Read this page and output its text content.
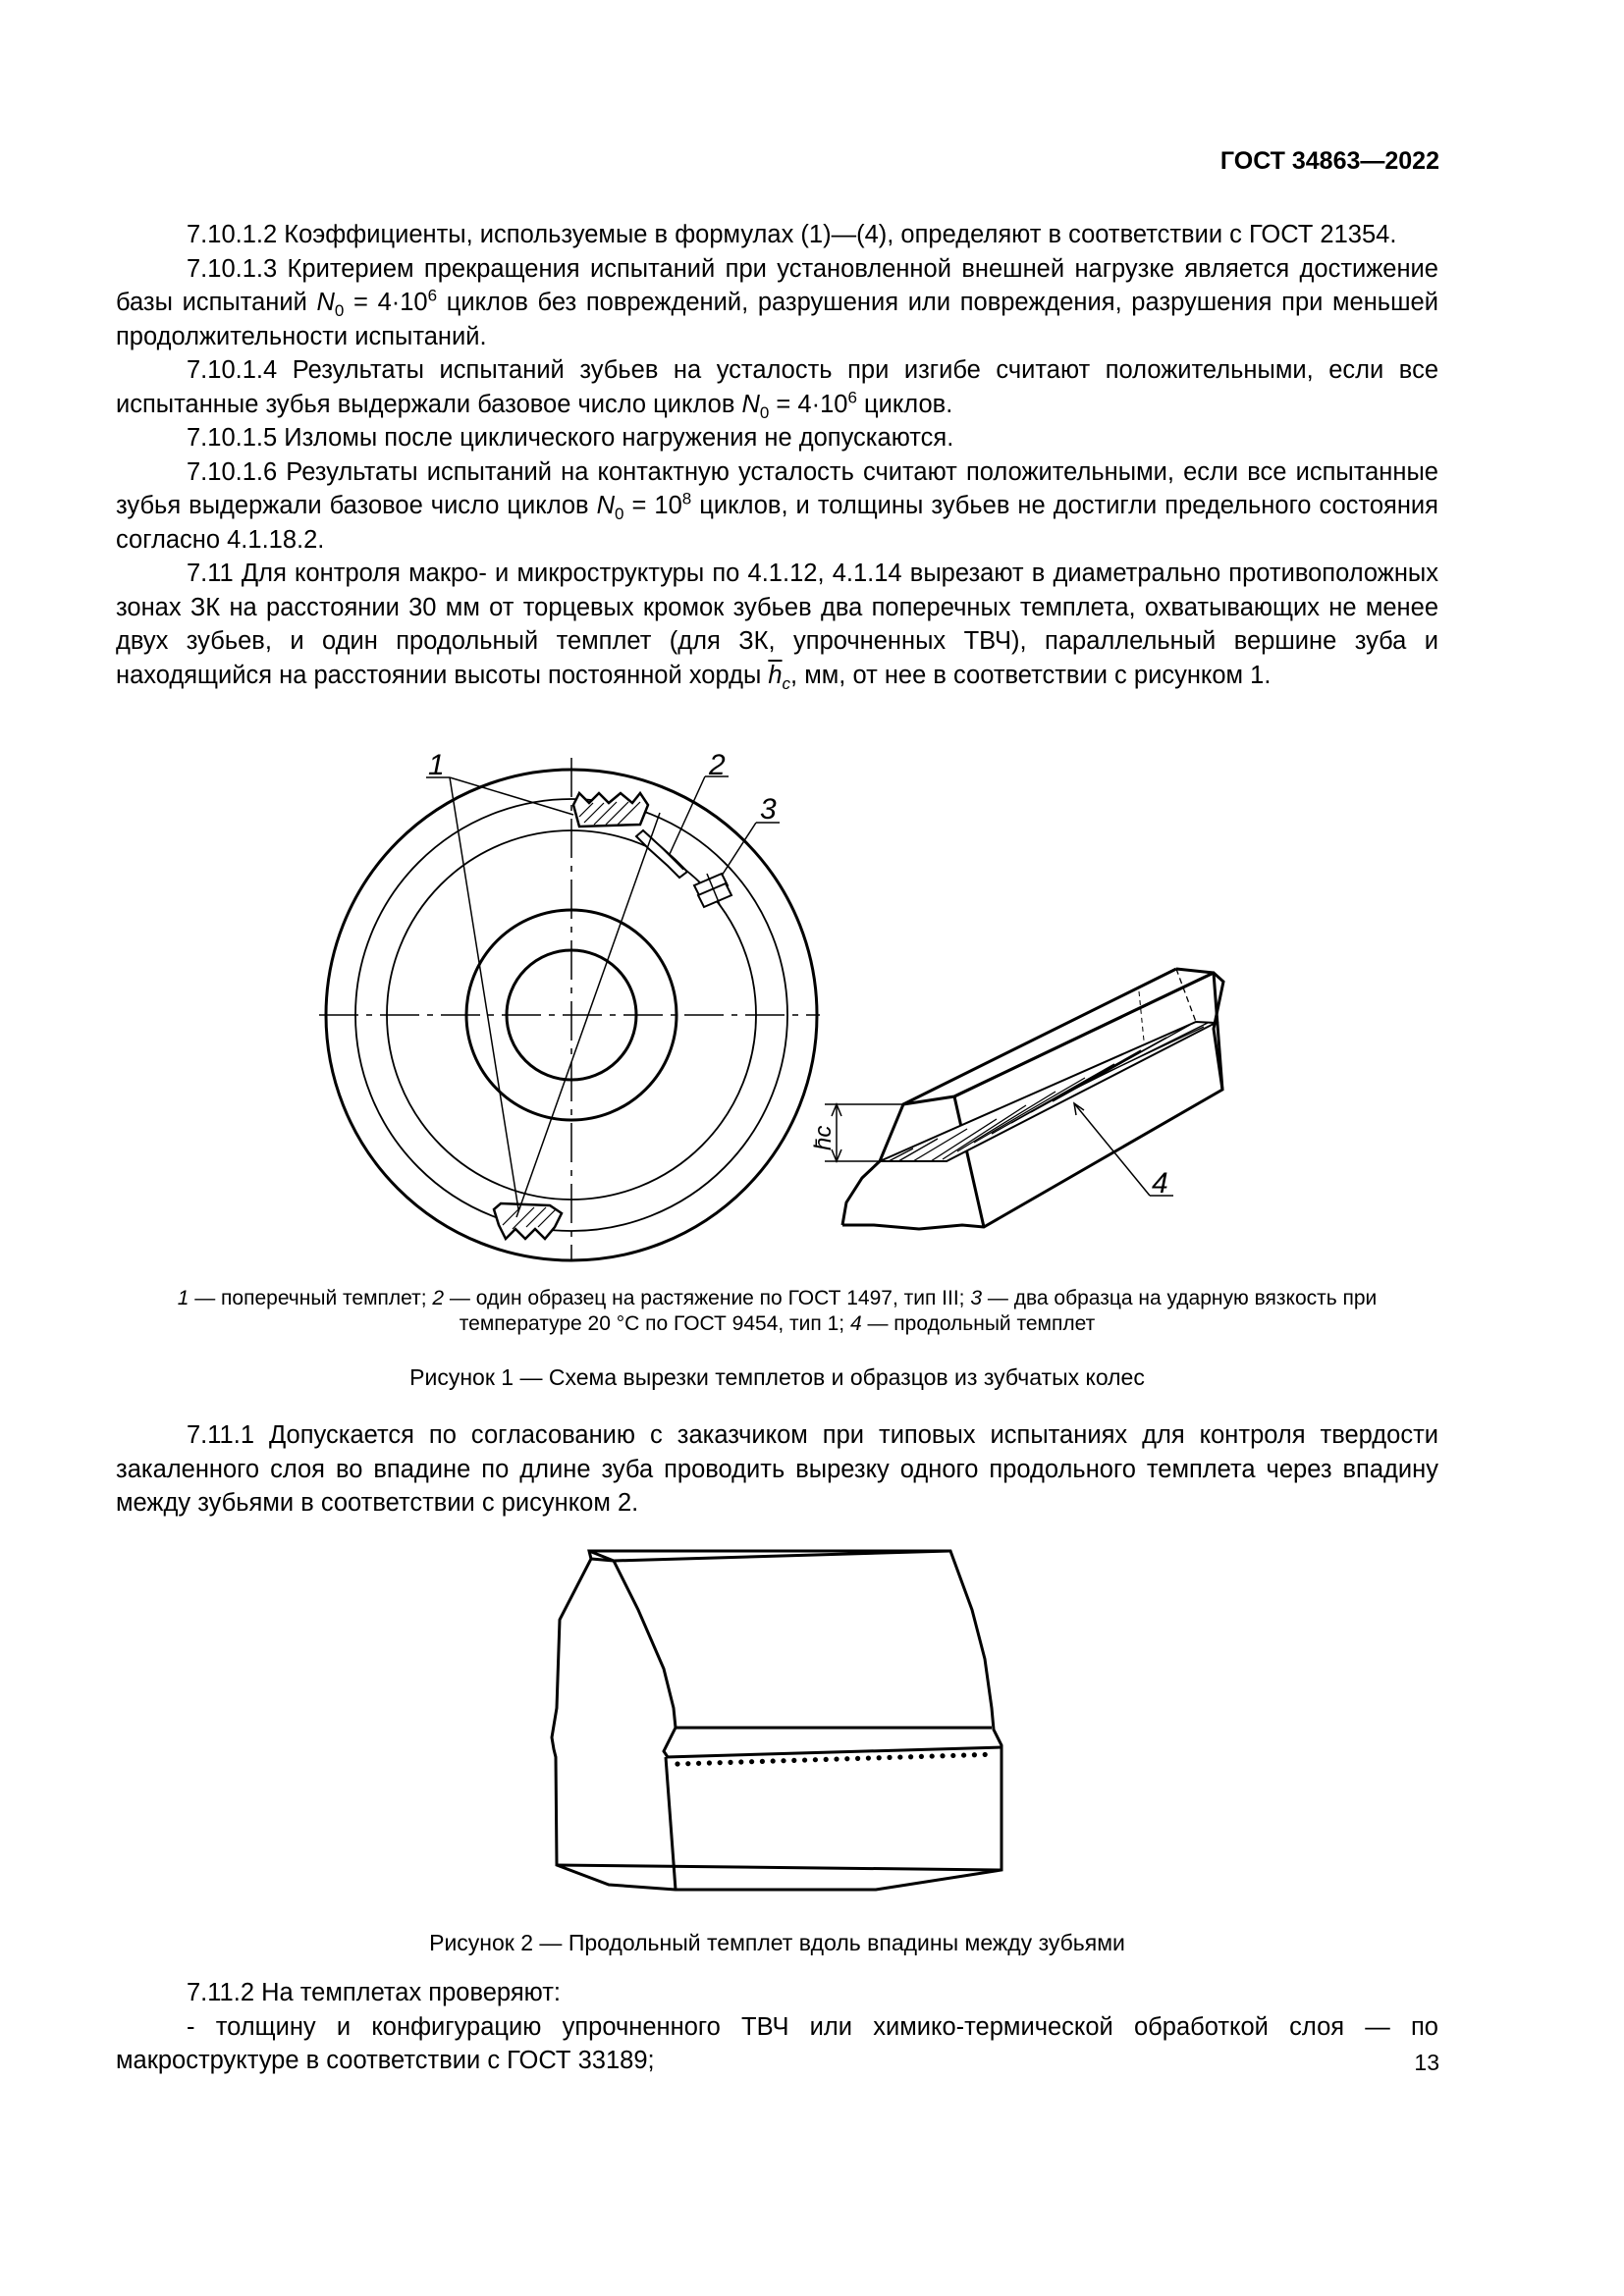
ГОСТ 34863—2022

7.10.1.2 Коэффициенты, используемые в формулах (1)—(4), определяют в соответствии с ГОСТ 21354.

7.10.1.3 Критерием прекращения испытаний при установленной внешней нагрузке является достижение базы испытаний $N_0 = 4\cdot 10^6$ циклов без повреждений, разрушения или повреждения, разрушения при меньшей продолжительности испытаний.

7.10.1.4 Результаты испытаний зубьев на усталость при изгибе считают положительными, если все испытанные зубья выдержали базовое число циклов $N_0 = 4\cdot 10^6$ циклов.

7.10.1.5 Изломы после циклического нагружения не допускаются.

7.10.1.6 Результаты испытаний на контактную усталость считают положительными, если все испытанные зубья выдержали базовое число циклов $N_0 = 10^8$ циклов, и толщины зубьев не достигли предельного состояния согласно 4.1.18.2.

7.11 Для контроля макро- и микроструктуры по 4.1.12, 4.1.14 вырезают в диаметрально противоположных зонах ЗК на расстоянии 30 мм от торцевых кромок зубьев два поперечных темплета, охватывающих не менее двух зубьев, и один продольный темплет (для ЗК, упрочненных ТВЧ), параллельный вершине зуба и находящийся на расстоянии высоты постоянной хорды $\overline{h}_c$, мм, от нее в соответствии с рисунком 1.

1	2
3
h̄c
4
1 — поперечный темплет; 2 — один образец на растяжение по ГОСТ 1497, тип III; 3 — два образца на ударную вязкость при температуре 20 °С по ГОСТ 9454, тип 1; 4 — продольный темплет
Рисунок 1 — Схема вырезки темплетов и образцов из зубчатых колес

7.11.1 Допускается по согласованию с заказчиком при типовых испытаниях для контроля твердости закаленного слоя во впадине по длине зуба проводить вырезку одного продольного темплета через впадину между зубьями в соответствии с рисунком 2.

Рисунок 2 — Продольный темплет вдоль впадины между зубьями

7.11.2 На темплетах проверяют:

- толщину и конфигурацию упрочненного ТВЧ или химико-термической обработкой слоя — по макроструктуре в соответствии с ГОСТ 33189;	13
